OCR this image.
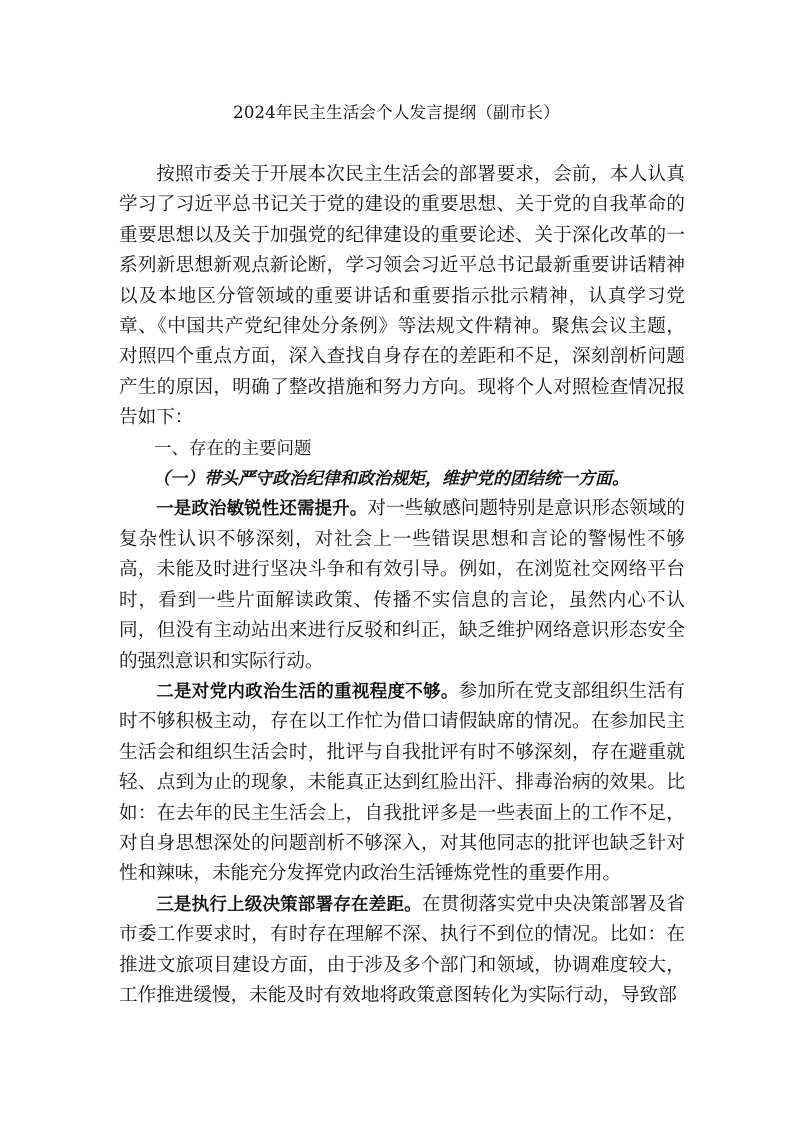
2024年民主生活会个人发言提纲（副市长）

按照市委关于开展本次民主生活会的部署要求，会前，本人认真学习了习近平总书记关于党的建设的重要思想、关于党的自我革命的重要思想以及关于加强党的纪律建设的重要论述、关于深化改革的一系列新思想新观点新论断，学习领会习近平总书记最新重要讲话精神以及本地区分管领域的重要讲话和重要指示批示精神，认真学习党章、《中国共产党纪律处分条例》等法规文件精神。聚焦会议主题，对照四个重点方面，深入查找自身存在的差距和不足，深刻剖析问题产生的原因，明确了整改措施和努力方向。现将个人对照检查情况报告如下：

一、存在的主要问题
（一）带头严守政治纪律和政治规矩，维护党的团结统一方面。

一是政治敏锐性还需提升。对一些敏感问题特别是意识形态领域的复杂性认识不够深刻，对社会上一些错误思想和言论的警惕性不够高，未能及时进行坚决斗争和有效引导。例如，在浏览社交网络平台时，看到一些片面解读政策、传播不实信息的言论，虽然内心不认同，但没有主动站出来进行反驳和纠正，缺乏维护网络意识形态安全的强烈意识和实际行动。

二是对党内政治生活的重视程度不够。参加所在党支部组织生活有时不够积极主动，存在以工作忙为借口请假缺席的情况。在参加民主生活会和组织生活会时，批评与自我批评有时不够深刻，存在避重就轻、点到为止的现象，未能真正达到红脸出汗、排毒治病的效果。比如：在去年的民主生活会上，自我批评多是一些表面上的工作不足，对自身思想深处的问题剖析不够深入，对其他同志的批评也缺乏针对性和辣味，未能充分发挥党内政治生活锤炼党性的重要作用。

三是执行上级决策部署存在差距。在贯彻落实党中央决策部署及省市委工作要求时，有时存在理解不深、执行不到位的情况。比如：在推进文旅项目建设方面，由于涉及多个部门和领域，协调难度较大，工作推进缓慢，未能及时有效地将政策意图转化为实际行动，导致部
